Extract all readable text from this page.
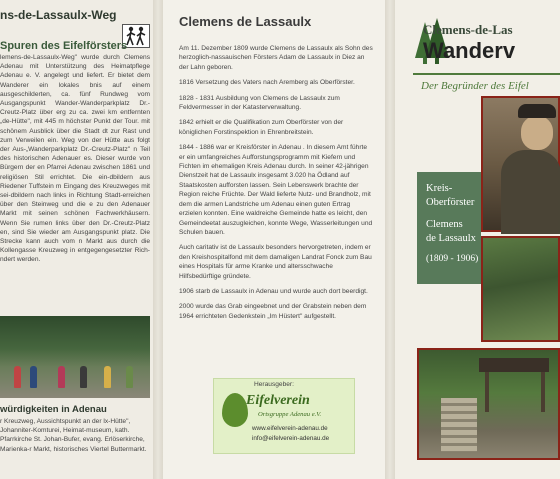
ns-de-Lassaulx-Weg
Spuren des Eifelförsters
lemens-de-Lassaulx-Weg" wurde durch Clemens Adenau mit Unterstützung des Heimatpflege Adenau e. V. angelegt und liefert. Er bietet dem Wanderer ein lokales bnis auf einem ausgeschilderten, ca. fünf Rundweg vom Ausgangspunkt Wander-Wanderparkplatz Dr.-Creutz-Platz über erg zu ca. zwei km entfernten „de-Hütte", mit 445 m höchster Punkt der Tour. mit schönem Ausblick über die Stadt dt zur Rast und zum Verweilen ein. Weg von der Hütte aus folgt der Aus-„Wanderparkplatz Dr.-Creutz-Platz" n Teil des historischen Adenauer es. Dieser wurde von Bürgern der en Pfarrei Adenau zwischen 1861 und religiösen Stil errichtet. Die ein-dbildern aus Riedener Tuffstein m Eingang des Kreuzweges mit sei-dbildern nach links in Richtung Stadt-erreichen über den Steinweg und die e zu den Adenauer Markt mit seinen schönen Fachwerkhäusern. Wenn Sie rumen links über den Dr.-Creutz-Platz en, sind Sie wieder am Ausgangspunkt platz. Die Strecke kann auch vom n Markt aus durch die Kollengasse Kreuzweg in entgegengesetzter Rich-ndert werden.
würdigkeiten in Adenau
r Kreuzweg, Aussichtspunkt an der lx-Hütte", Johanniter-Komturei, Heimat-museum, kath. Pfarrkirche St. Johan-Bufer, evang. Erlöserkirche, Marienka-r Markt, historisches Viertel Buttermarkt.
Clemens de Lassaulx

Am 11. Dezember 1809 wurde Clemens de Lassaulx als Sohn des herzoglich-nassauischen Försters Adam de Lassaulx in Diez an der Lahn geboren.

1816 Versetzung des Vaters nach Aremberg als Oberförster.

1828 - 1831 Ausbildung von Clemens de Lassaulx zum Feldvermesser in der Katasterverwaltung.

1842 erhielt er die Qualifikation zum Oberförster von der königlichen Forstinspektion in Ehrenbreitstein.

1844 - 1886 war er Kreisförster in Adenau . In diesem Amt führte er ein umfangreiches Aufforstungsprogramm mit Kiefern und Fichten im ehemaligen Kreis Adenau durch. In seiner 42-jährigen Dienstzeit hat de Lassaulx insgesamt 3.020 ha Ödland auf Staatskosten aufforsten lassen. Sein Lebenswerk brachte der Region reiche Früchte. Der Wald lieferte Nutz- und Brandholz, mit dem die armen Landstriche um Adenau einen guten Ertrag erzielen konnten. Eine waldreiche Gemeinde hatte es leicht, den Gemeindeetat auszugleichen, konnte Wege, Wasserleitungen und Schulen bauen.

Auch caritativ ist de Lassaulx besonders hervorgetreten, indem er den Kreishospitalfond mit dem damaligen Landrat Fonck zum Bau eines Hospitals für arme Kranke und altersschwache Hilfsbedürftige gründete.

1906 starb de Lassaulx in Adenau und wurde auch dort beerdigt.

2000 wurde das Grab eingeebnet und der Grabstein neben dem 1964 errichteten Gedenkstein „Im Hüstert" aufgestellt.

Herausgeber:
Eifelverein
Ortsgruppe Adenau e.V.
www.eifelverein-adenau.de
info@eifelverein-adenau.de
Clemens-de-Las
Wanderv
Der Begründer des Eifel
Kreis-
Oberförster
Clemens
de Lassaulx
(1809 - 1906)
